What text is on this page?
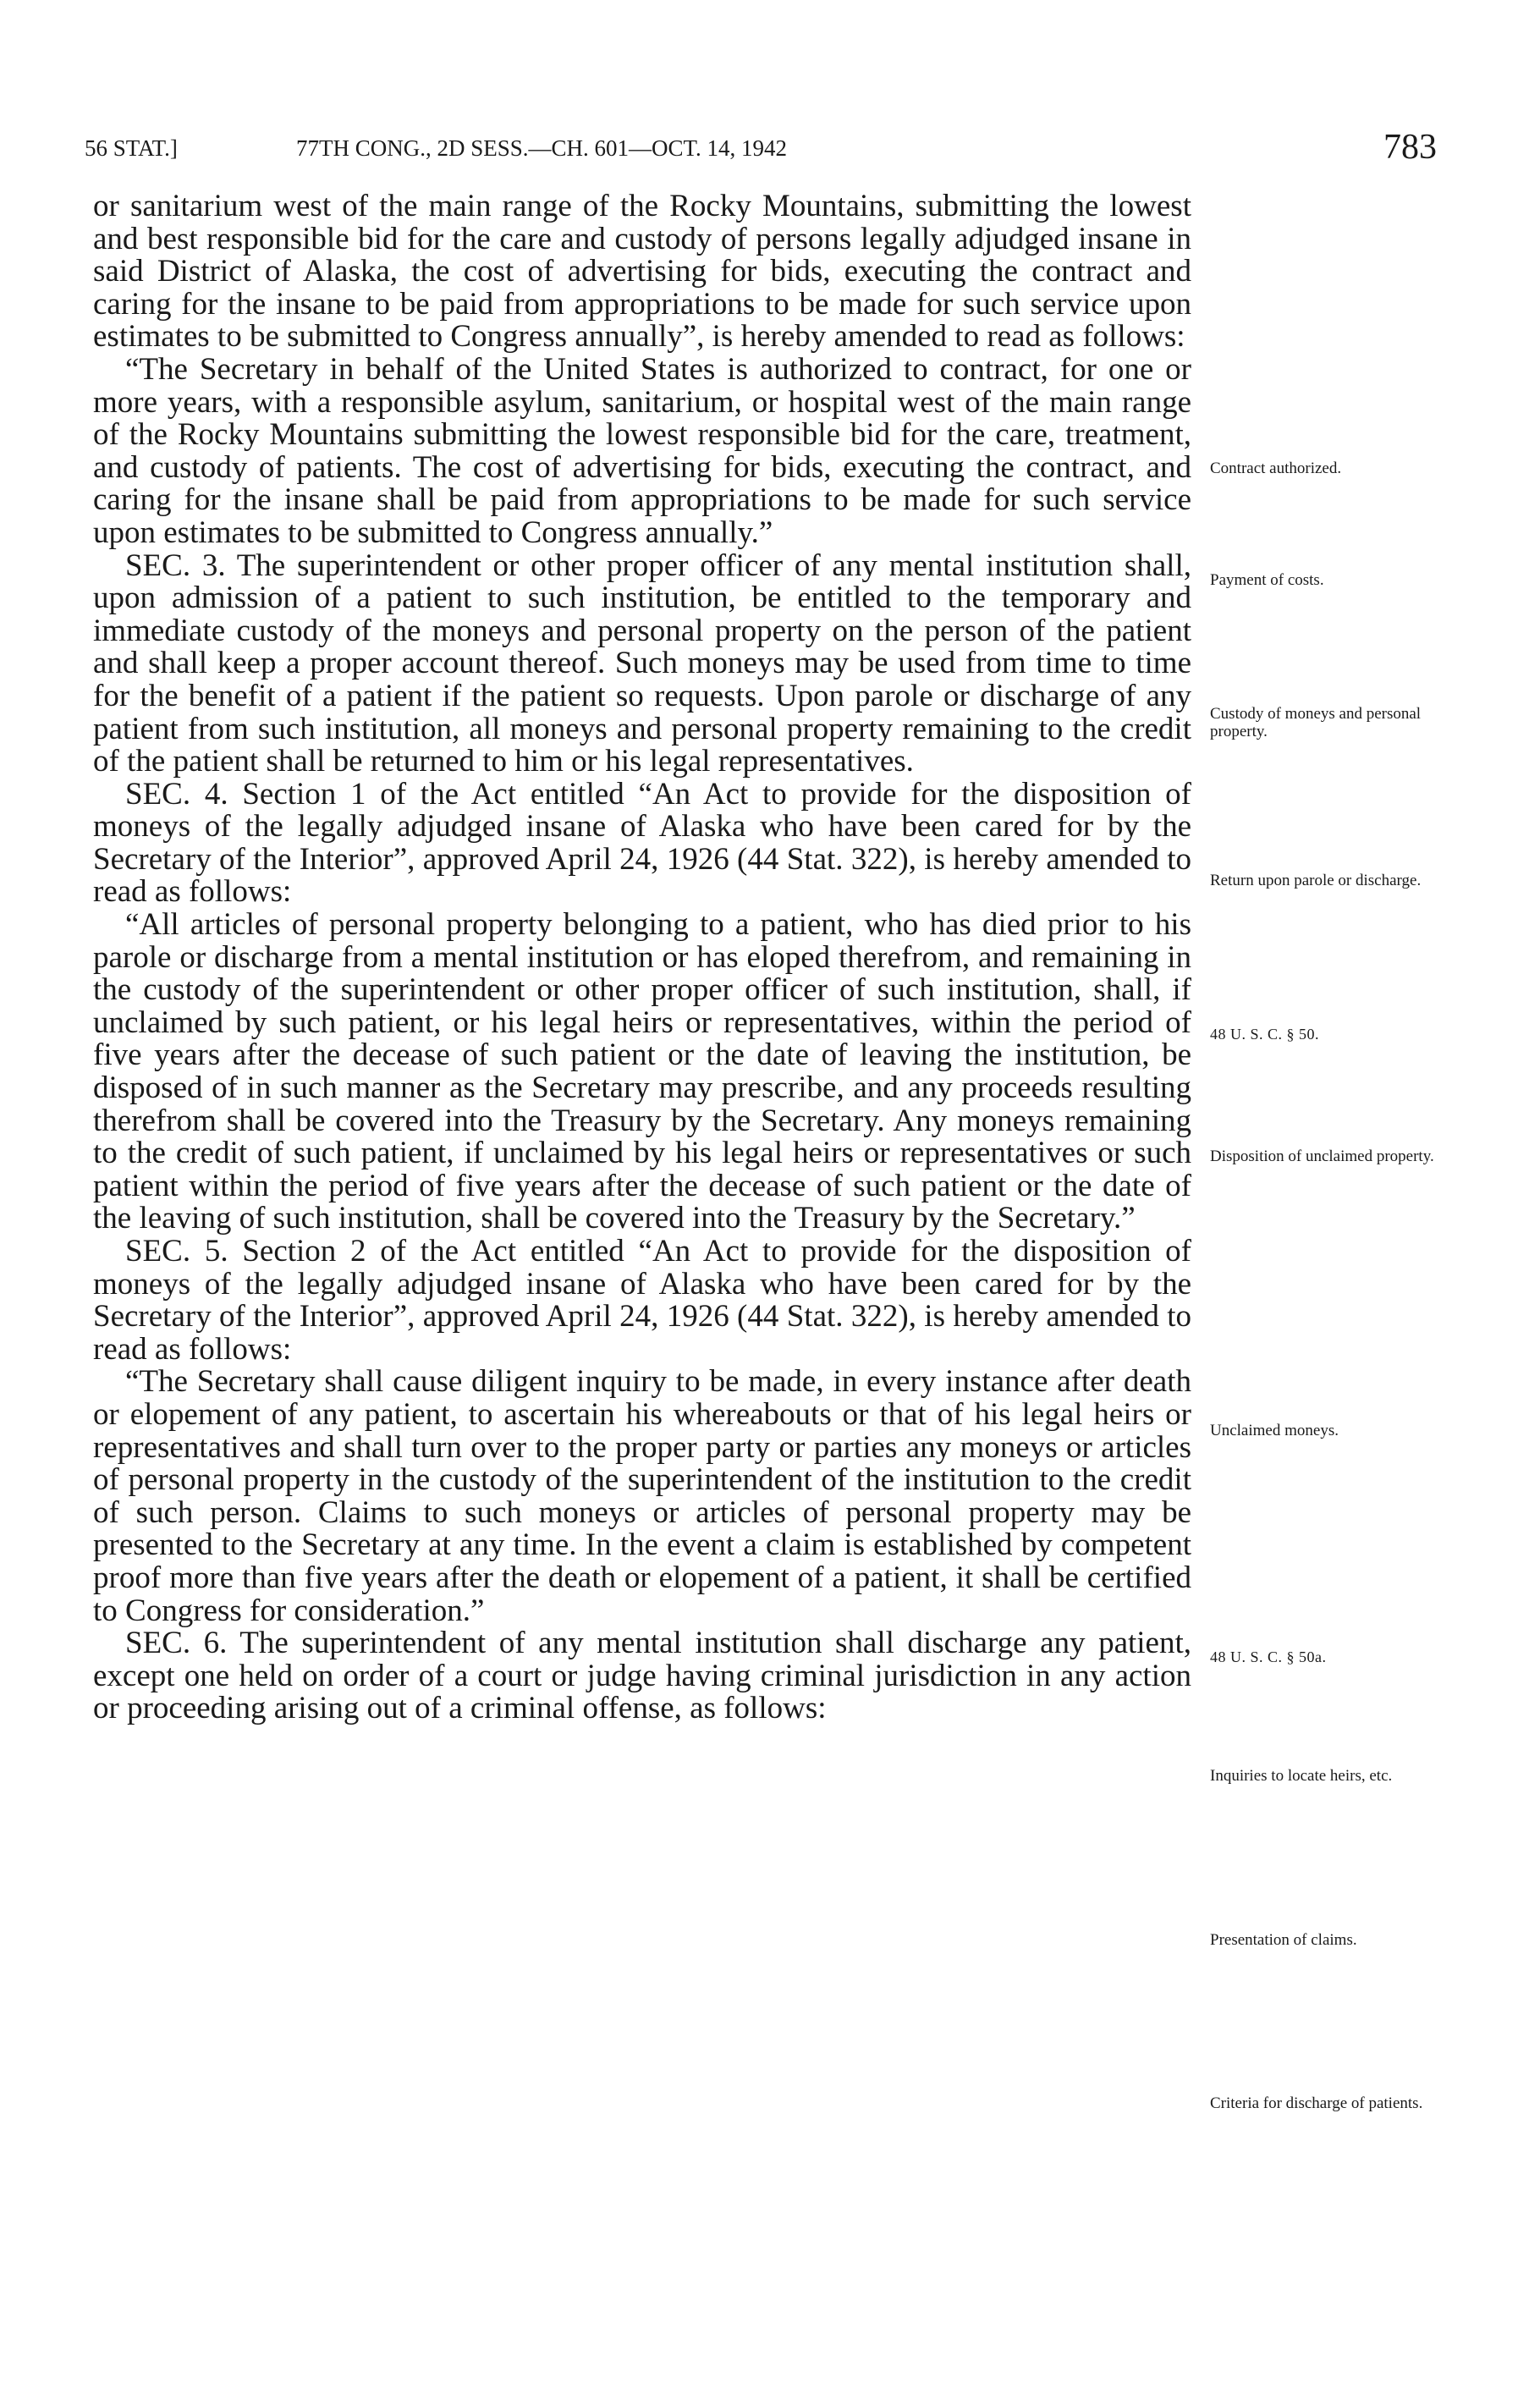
56 STAT.]	77TH CONG., 2D SESS.—CH. 601—OCT. 14, 1942	783

or sanitarium west of the main range of the Rocky Mountains, submitting the lowest and best responsible bid for the care and custody of persons legally adjudged insane in said District of Alaska, the cost of advertising for bids, executing the contract and caring for the insane to be paid from appropriations to be made for such service upon estimates to be submitted to Congress annually”, is hereby amended to read as follows:

“The Secretary in behalf of the United States is authorized to contract, for one or more years, with a responsible asylum, sanitarium, or hospital west of the main range of the Rocky Mountains submitting the lowest responsible bid for the care, treatment, and custody of patients. The cost of advertising for bids, executing the contract, and caring for the insane shall be paid from appropriations to be made for such service upon estimates to be submitted to Congress annually.”

SEC. 3. The superintendent or other proper officer of any mental institution shall, upon admission of a patient to such institution, be entitled to the temporary and immediate custody of the moneys and personal property on the person of the patient and shall keep a proper account thereof. Such moneys may be used from time to time for the benefit of a patient if the patient so requests. Upon parole or discharge of any patient from such institution, all moneys and personal property remaining to the credit of the patient shall be returned to him or his legal representatives.

SEC. 4. Section 1 of the Act entitled “An Act to provide for the disposition of moneys of the legally adjudged insane of Alaska who have been cared for by the Secretary of the Interior”, approved April 24, 1926 (44 Stat. 322), is hereby amended to read as follows:

“All articles of personal property belonging to a patient, who has died prior to his parole or discharge from a mental institution or has eloped therefrom, and remaining in the custody of the superintendent or other proper officer of such institution, shall, if unclaimed by such patient, or his legal heirs or representatives, within the period of five years after the decease of such patient or the date of leaving the institution, be disposed of in such manner as the Secretary may prescribe, and any proceeds resulting therefrom shall be covered into the Treasury by the Secretary. Any moneys remaining to the credit of such patient, if unclaimed by his legal heirs or representatives or such patient within the period of five years after the decease of such patient or the date of the leaving of such institution, shall be covered into the Treasury by the Secretary.”

SEC. 5. Section 2 of the Act entitled “An Act to provide for the disposition of moneys of the legally adjudged insane of Alaska who have been cared for by the Secretary of the Interior”, approved April 24, 1926 (44 Stat. 322), is hereby amended to read as follows:

“The Secretary shall cause diligent inquiry to be made, in every instance after death or elopement of any patient, to ascertain his whereabouts or that of his legal heirs or representatives and shall turn over to the proper party or parties any moneys or articles of personal property in the custody of the superintendent of the institution to the credit of such person. Claims to such moneys or articles of personal property may be presented to the Secretary at any time. In the event a claim is established by competent proof more than five years after the death or elopement of a patient, it shall be certified to Congress for consideration.”

SEC. 6. The superintendent of any mental institution shall discharge any patient, except one held on order of a court or judge having criminal jurisdiction in any action or proceeding arising out of a criminal offense, as follows:

Contract authorized.
Payment of costs.
Custody of moneys and personal property.
Return upon parole or discharge.
48 U. S. C. § 50.
Disposition of unclaimed property.
Unclaimed moneys.
48 U. S. C. § 50a.
Inquiries to locate heirs, etc.
Presentation of claims.
Criteria for discharge of patients.
